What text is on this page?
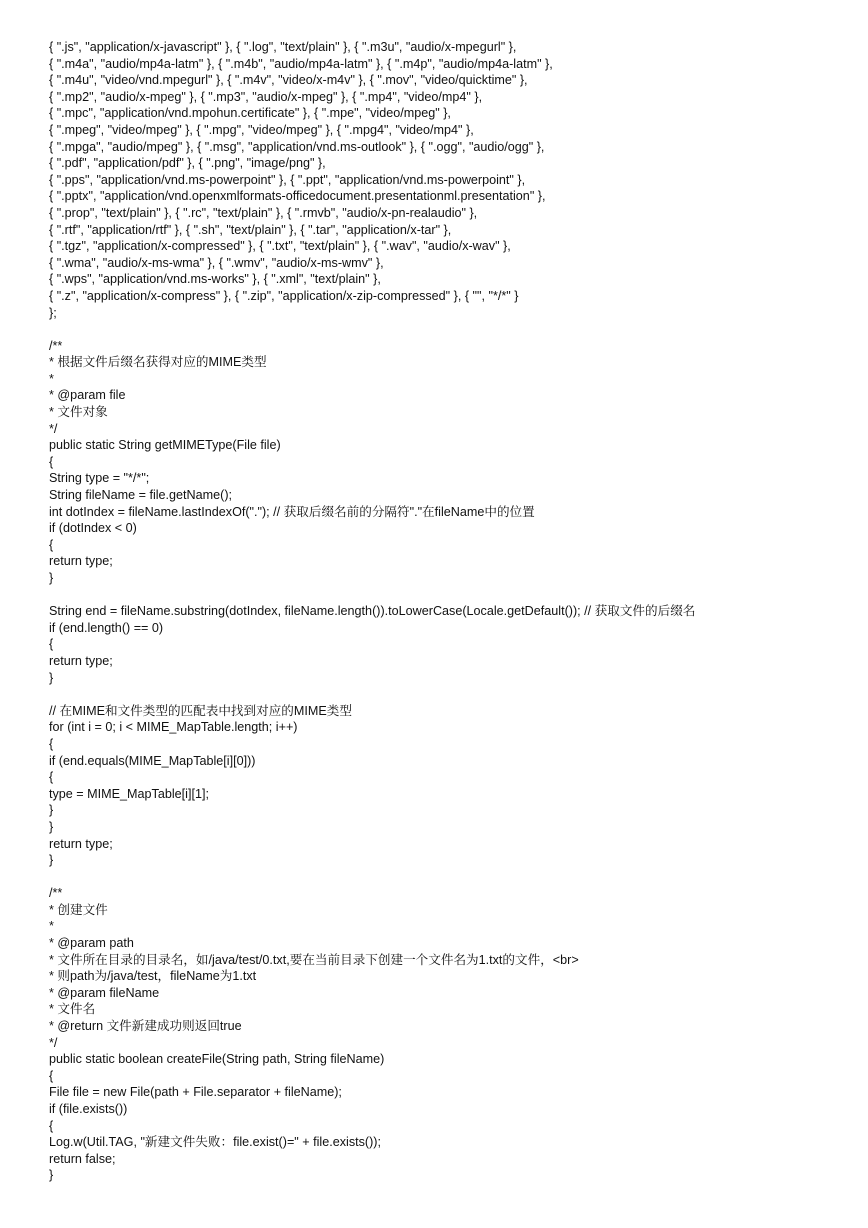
{ ".js", "application/x-javascript" }, { ".log", "text/plain" }, { ".m3u", "audio/x-mpegurl" },
{ ".m4a", "audio/mp4a-latm" }, { ".m4b", "audio/mp4a-latm" }, { ".m4p", "audio/mp4a-latm" },
{ ".m4u", "video/vnd.mpegurl" }, { ".m4v", "video/x-m4v" }, { ".mov", "video/quicktime" },
{ ".mp2", "audio/x-mpeg" }, { ".mp3", "audio/x-mpeg" }, { ".mp4", "video/mp4" },
{ ".mpc", "application/vnd.mpohun.certificate" }, { ".mpe", "video/mpeg" },
{ ".mpeg", "video/mpeg" }, { ".mpg", "video/mpeg" }, { ".mpg4", "video/mp4" },
{ ".mpga", "audio/mpeg" }, { ".msg", "application/vnd.ms-outlook" }, { ".ogg", "audio/ogg" },
{ ".pdf", "application/pdf" }, { ".png", "image/png" },
{ ".pps", "application/vnd.ms-powerpoint" }, { ".ppt", "application/vnd.ms-powerpoint" },
{ ".pptx", "application/vnd.openxmlformats-officedocument.presentationml.presentation" },
{ ".prop", "text/plain" }, { ".rc", "text/plain" }, { ".rmvb", "audio/x-pn-realaudio" },
{ ".rtf", "application/rtf" }, { ".sh", "text/plain" }, { ".tar", "application/x-tar" },
{ ".tgz", "application/x-compressed" }, { ".txt", "text/plain" }, { ".wav", "audio/x-wav" },
{ ".wma", "audio/x-ms-wma" }, { ".wmv", "audio/x-ms-wmv" },
{ ".wps", "application/vnd.ms-works" }, { ".xml", "text/plain" },
{ ".z", "application/x-compress" }, { ".zip", "application/x-zip-compressed" }, { "", "*/*" }
};
/**
* 根据文件后缀名获得对应的MIME类型
*
* @param file
* 文件对象
*/
public static String getMIMEType(File file)
{
String type = "*/*";
String fileName = file.getName();
int dotIndex = fileName.lastIndexOf("."); // 获取后缀名前的分隔符"."在fileName中的位置
if (dotIndex < 0)
{
return type;
}
String end = fileName.substring(dotIndex, fileName.length()).toLowerCase(Locale.getDefault()); // 获取文件的后缀名
if (end.length() == 0)
{
return type;
}
// 在MIME和文件类型的匹配表中找到对应的MIME类型
for (int i = 0; i < MIME_MapTable.length; i++)
{
if (end.equals(MIME_MapTable[i][0]))
{
type = MIME_MapTable[i][1];
}
}
return type;
}
/**
* 创建文件
*
* @param path
* 文件所在目录的目录名，如/java/test/0.txt,要在当前目录下创建一个文件名为1.txt的文件，<br>
* 则path为/java/test，fileName为1.txt
* @param fileName
* 文件名
* @return 文件新建成功则返回true
*/
public static boolean createFile(String path, String fileName)
{
File file = new File(path + File.separator + fileName);
if (file.exists())
{
Log.w(Util.TAG, "新建文件失败：file.exist()=" + file.exists());
return false;
}
